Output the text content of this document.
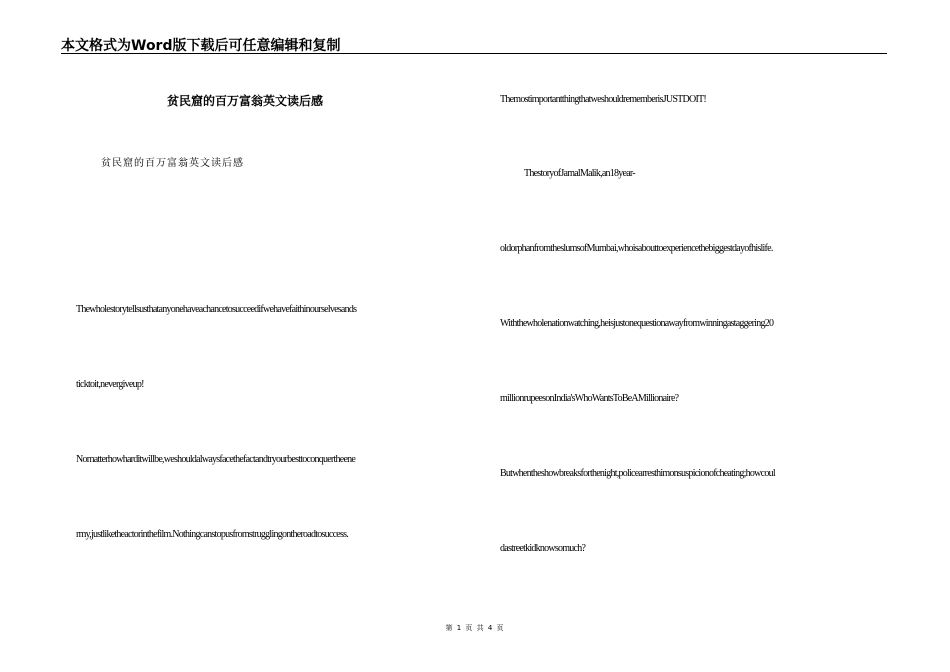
本文格式为Word版下载后可任意编辑和复制
贫民窟的百万富翁英文读后感
贫民窟的百万富翁英文读后感
Thewholestorytellsusthatanyonehaveachancetosucceedifwehavefaithinourselvesands
ticktoit,nevergiveup!
Nomatterhowharditwillbe,weshouldalwaysfacethefactandtryourbesttoconquertheene
rmy,justliketheactorinthefilm.Nothingcanstopusfromstrugglingontheroadtosuccess.
ThemostimportantthingthatweshouldrememberisJUSTDOIT!
ThestoryofJamalMalik,an18year-
oldorphanfromtheslumsofMumbai,whoisabouttoexperiencethebiggestdayofhislife.
Withthewholenationwatching,heisjustonequestionawayfromwinningastaggering20
millionrupeesonIndia'sWhoWantsToBeAMillionaire?
Butwhentheshowbreaksforthenight,policearresthimonsuspicionofcheating;howcoul
dastreetkidknowsomuch?
第 1 页 共 4 页
